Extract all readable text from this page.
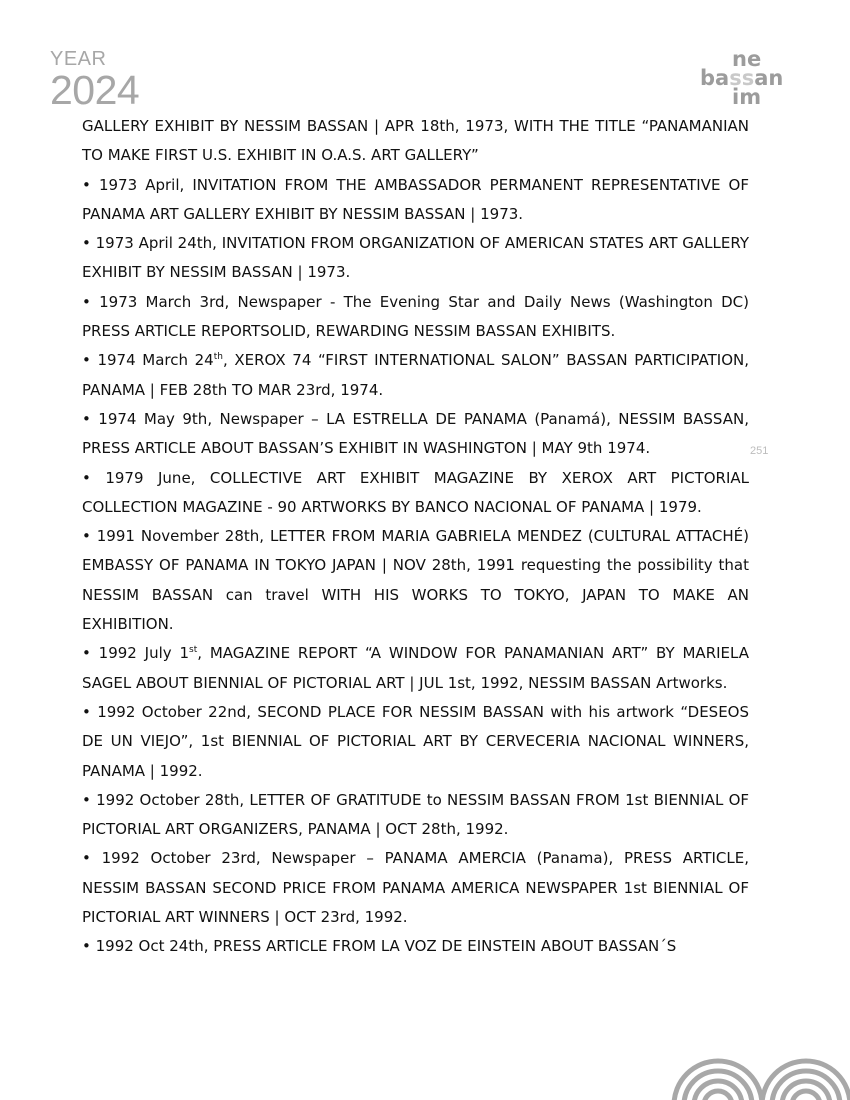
YEAR
2024
ne
bassan
im

GALLERY EXHIBIT BY NESSIM BASSAN | APR 18th, 1973, WITH THE TITLE “PANAMANIAN TO MAKE FIRST U.S. EXHIBIT IN O.A.S. ART GALLERY”

• 1973 April, INVITATION FROM THE AMBASSADOR PERMANENT REPRESENTATIVE OF PANAMA ART GALLERY EXHIBIT BY NESSIM BASSAN | 1973.

• 1973 April 24th, INVITATION FROM ORGANIZATION OF AMERICAN STATES ART GALLERY EXHIBIT BY NESSIM BASSAN | 1973.

• 1973 March 3rd, Newspaper - The Evening Star and Daily News (Washington DC) PRESS ARTICLE REPORTSOLID, REWARDING NESSIM BASSAN EXHIBITS.

• 1974 March 24th, XEROX 74 “FIRST INTERNATIONAL SALON” BASSAN PARTICIPATION, PANAMA | FEB 28th TO MAR 23rd, 1974.

• 1974 May 9th, Newspaper – LA ESTRELLA DE PANAMA (Panamá), NESSIM BASSAN, PRESS ARTICLE ABOUT BASSAN’S EXHIBIT IN WASHINGTON | MAY 9th 1974.

• 1979 June, COLLECTIVE ART EXHIBIT MAGAZINE BY XEROX ART PICTORIAL COLLECTION MAGAZINE - 90 ARTWORKS BY BANCO NACIONAL OF PANAMA | 1979.

• 1991 November 28th, LETTER FROM MARIA GABRIELA MENDEZ (CULTURAL ATTACHÉ) EMBASSY OF PANAMA IN TOKYO JAPAN | NOV 28th, 1991 requesting the possibility that NESSIM BASSAN can travel WITH HIS WORKS TO TOKYO, JAPAN TO MAKE AN EXHIBITION.

• 1992 July 1st, MAGAZINE REPORT “A WINDOW FOR PANAMANIAN ART” BY MARIELA SAGEL ABOUT BIENNIAL OF PICTORIAL ART | JUL 1st, 1992, NESSIM BASSAN Artworks.

• 1992 October 22nd, SECOND PLACE FOR NESSIM BASSAN with his artwork “DESEOS DE UN VIEJO”, 1st BIENNIAL OF PICTORIAL ART BY CERVECERIA NACIONAL WINNERS, PANAMA | 1992.

• 1992 October 28th, LETTER OF GRATITUDE to NESSIM BASSAN FROM 1st BIENNIAL OF PICTORIAL ART ORGANIZERS, PANAMA | OCT 28th, 1992.

• 1992 October 23rd, Newspaper – PANAMA AMERCIA (Panama), PRESS ARTICLE, NESSIM BASSAN SECOND PRICE FROM PANAMA AMERICA NEWSPAPER 1st BIENNIAL OF PICTORIAL ART WINNERS | OCT 23rd, 1992.

• 1992 Oct 24th, PRESS ARTICLE FROM LA VOZ DE EINSTEIN ABOUT BASSAN´S

251
